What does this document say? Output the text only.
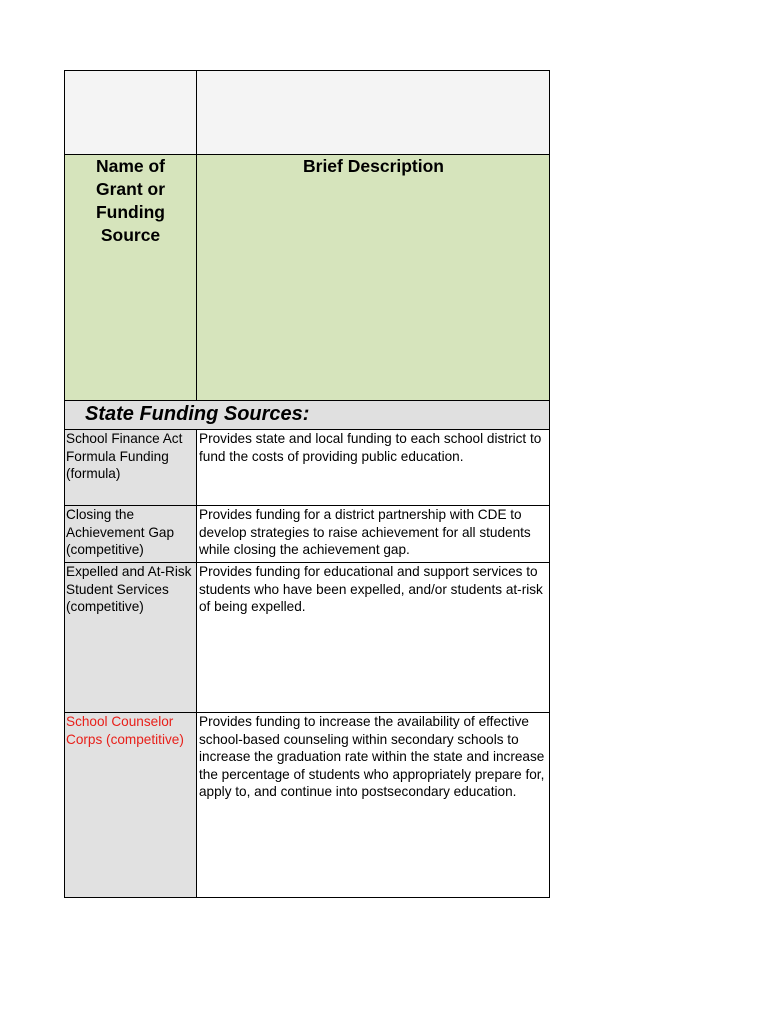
Name of Grant or Funding Source
Brief Description
State Funding Sources:
School Finance Act Formula Funding (formula)
Provides state and local funding to each school district to fund the costs of providing public education.
Closing the Achievement Gap (competitive)
Provides funding for a district partnership with CDE to develop strategies to raise achievement for all students while closing the achievement gap.
Expelled and At-Risk Student Services (competitive)
Provides funding for educational and support services to students who have been expelled, and/or students at-risk of being expelled.
School Counselor Corps (competitive)
Provides funding to increase the availability of effective school-based counseling within secondary schools to increase the graduation rate within the state and increase the percentage of students who appropriately prepare for, apply to, and continue into postsecondary education.
